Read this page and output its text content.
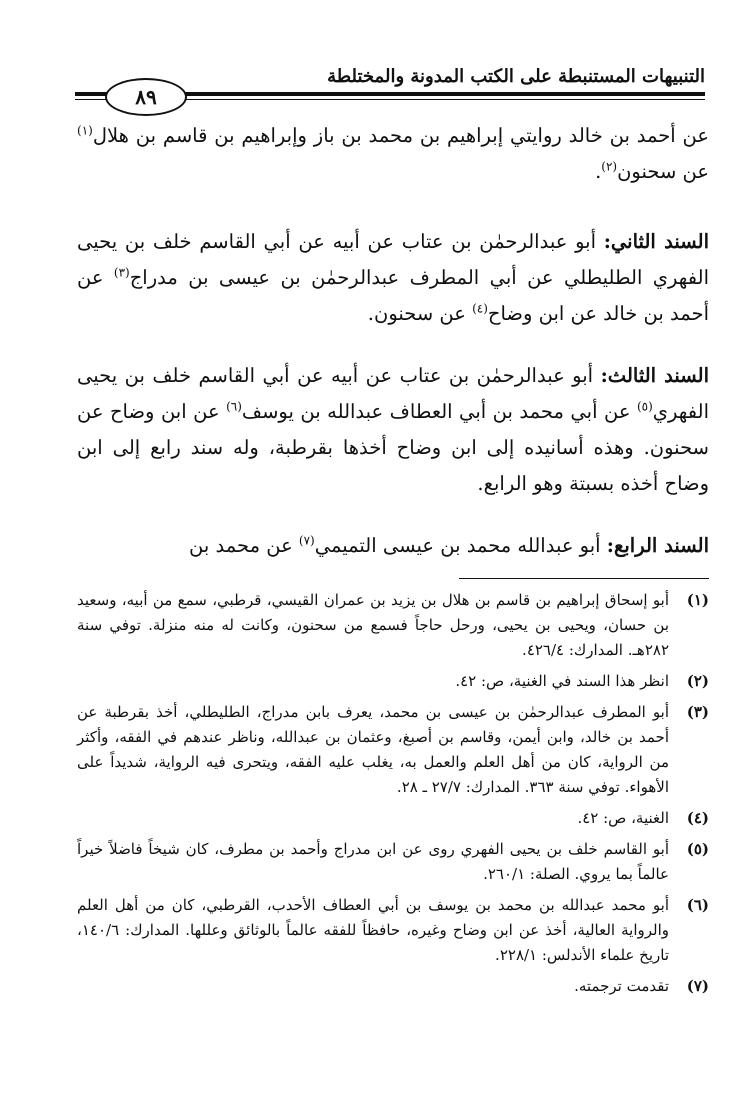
التنبيهات المستنبطة على الكتب المدونة والمختلطة
٨٩

عن أحمد بن خالد روايتي إبراهيم بن محمد بن باز وإبراهيم بن قاسم بن هلال$^{(١)}$ عن سحنون$^{(٢)}$.

السند الثاني: أبو عبدالرحمٰن بن عتاب عن أبيه عن أبي القاسم خلف بن يحيى الفهري الطليطلي عن أبي المطرف عبدالرحمٰن بن عيسى بن مدراج$^{(٣)}$ عن أحمد بن خالد عن ابن وضاح$^{(٤)}$ عن سحنون.

السند الثالث: أبو عبدالرحمٰن بن عتاب عن أبيه عن أبي القاسم خلف بن يحيى الفهري$^{(٥)}$ عن أبي محمد بن أبي العطاف عبدالله بن يوسف$^{(٦)}$ عن ابن وضاح عن سحنون. وهذه أسانيده إلى ابن وضاح أخذها بقرطبة، وله سند رابع إلى ابن وضاح أخذه بسبتة وهو الرابع.

السند الرابع: أبو عبدالله محمد بن عيسى التميمي$^{(٧)}$ عن محمد بن

(١)
أبو إسحاق إبراهيم بن قاسم بن هلال بن يزيد بن عمران القيسي، قرطبي، سمع من أبيه، وسعيد بن حسان، ويحيى بن يحيى، ورحل حاجاً فسمع من سحنون، وكانت له منه منزلة. توفي سنة ٢٨٢هـ. المدارك: ٤٢٦/٤.
(٢)
انظر هذا السند في الغنية، ص: ٤٢.
(٣)
أبو المطرف عبدالرحمٰن بن عيسى بن محمد، يعرف بابن مدراج، الطليطلي، أخذ بقرطبة عن أحمد بن خالد، وابن أيمن، وقاسم بن أصبغ، وعثمان بن عبدالله، وناظر عندهم في الفقه، وأكثر من الرواية، كان من أهل العلم والعمل به، يغلب عليه الفقه، ويتحرى فيه الرواية، شديداً على الأهواء. توفي سنة ٣٦٣. المدارك: ٢٧/٧ ـ ٢٨.
(٤)
الغنية، ص: ٤٢.
(٥)
أبو القاسم خلف بن يحيى الفهري روى عن ابن مدراج وأحمد بن مطرف، كان شيخاً فاضلاً خيراً عالماً بما يروي. الصلة: ٢٦٠/١.
(٦)
أبو محمد عبدالله بن محمد بن يوسف بن أبي العطاف الأحدب، القرطبي، كان من أهل العلم والرواية العالية، أخذ عن ابن وضاح وغيره، حافظاً للفقه عالماً بالوثائق وعللها. المدارك: ١٤٠/٦، تاريخ علماء الأندلس: ٢٢٨/١.
(٧)
تقدمت ترجمته.
